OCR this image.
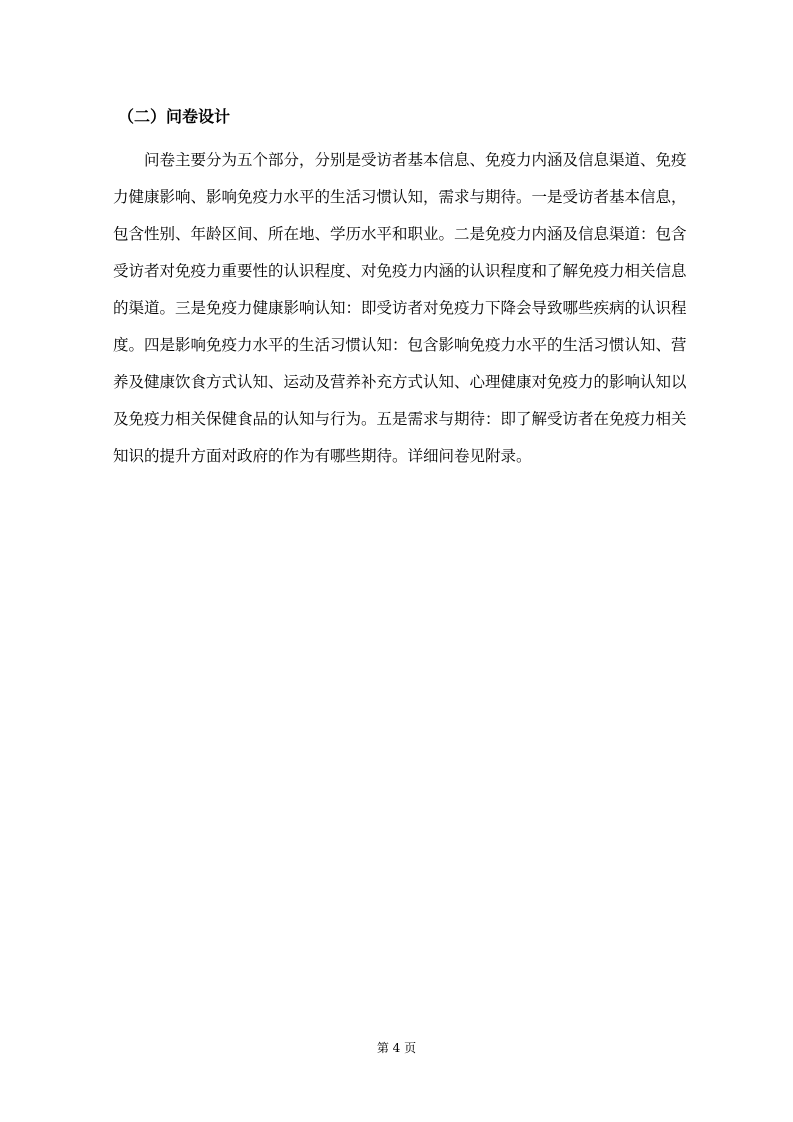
（二）问卷设计

问卷主要分为五个部分，分别是受访者基本信息、免疫力内涵及信息渠道、免疫
力健康影响、影响免疫力水平的生活习惯认知，需求与期待。一是受访者基本信息，
包含性别、年龄区间、所在地、学历水平和职业。二是免疫力内涵及信息渠道：包含
受访者对免疫力重要性的认识程度、对免疫力内涵的认识程度和了解免疫力相关信息
的渠道。三是免疫力健康影响认知：即受访者对免疫力下降会导致哪些疾病的认识程
度。四是影响免疫力水平的生活习惯认知：包含影响免疫力水平的生活习惯认知、营
养及健康饮食方式认知、运动及营养补充方式认知、心理健康对免疫力的影响认知以
及免疫力相关保健食品的认知与行为。五是需求与期待：即了解受访者在免疫力相关
知识的提升方面对政府的作为有哪些期待。详细问卷见附录。

第 4 页
